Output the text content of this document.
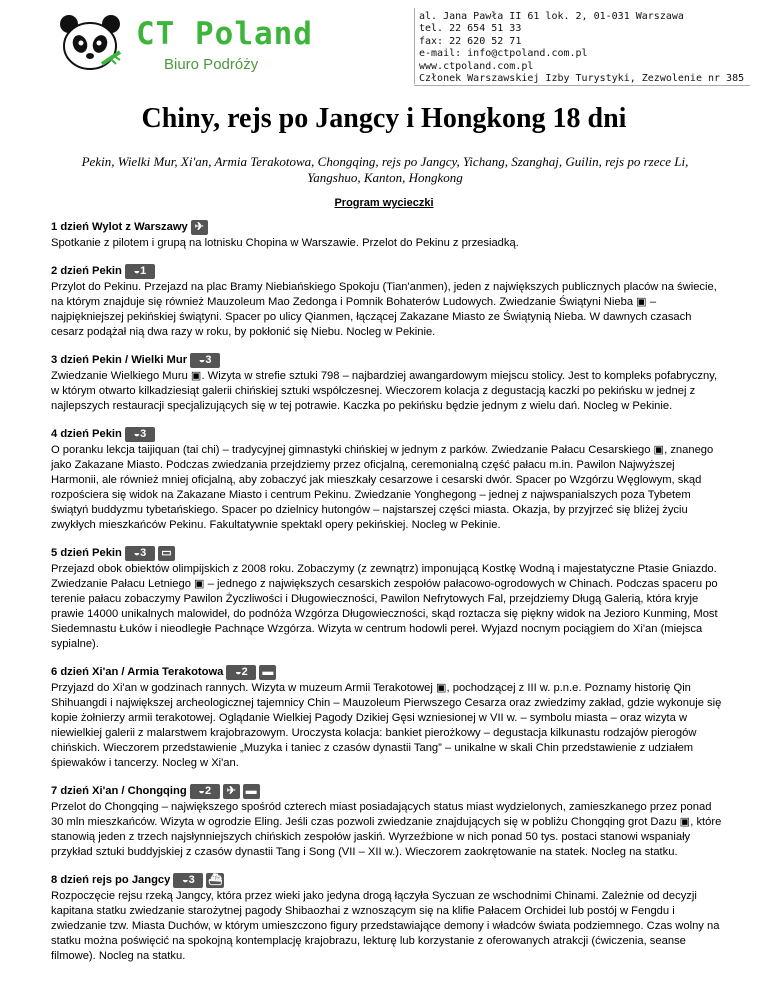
CT Poland
Biuro Podróży
al. Jana Pawła II 61 lok. 2, 01-031 Warszawa
tel. 22 654 51 33
fax: 22 620 52 71
e-mail: info@ctpoland.com.pl
www.ctpoland.com.pl
Członek Warszawskiej Izby Turystyki, Zezwolenie nr 385
Chiny, rejs po Jangcy i Hongkong 18 dni
Pekin, Wielki Mur, Xi'an, Armia Terakotowa, Chongqing, rejs po Jangcy, Yichang, Szanghaj, Guilin, rejs po rzece Li, Yangshuo, Kanton, Hongkong
Program wycieczki
1 dzień Wylot z Warszawy ✈
Spotkanie z pilotem i grupą na lotnisku Chopina w Warszawie. Przelot do Pekinu z przesiadką.
2 dzień Pekin ◒ 1
Przylot do Pekinu. Przejazd na plac Bramy Niebiańskiego Spokoju (Tian'anmen), jeden z największych publicznych placów na świecie, na którym znajduje się również Mauzoleum Mao Zedonga i Pomnik Bohaterów Ludowych. Zwiedzanie Świątyni Nieba ▣ – najpiękniejszej pekińskiej świątyni. Spacer po ulicy Qianmen, łączącej Zakazane Miasto ze Świątynią Nieba. W dawnych czasach cesarz podążał nią dwa razy w roku, by pokłonić się Niebu. Nocleg w Pekinie.
3 dzień Pekin / Wielki Mur ◒ 3
Zwiedzanie Wielkiego Muru ▣. Wizyta w strefie sztuki 798 – najbardziej awangardowym miejscu stolicy. Jest to kompleks pofabryczny, w którym otwarto kilkadziesiąt galerii chińskiej sztuki współczesnej. Wieczorem kolacja z degustacją kaczki po pekińsku w jednej z najlepszych restauracji specjalizujących się w tej potrawie. Kaczka po pekińsku będzie jednym z wielu dań. Nocleg w Pekinie.
4 dzień Pekin ◒ 3
O poranku lekcja taijiquan (tai chi) – tradycyjnej gimnastyki chińskiej w jednym z parków. Zwiedzanie Pałacu Cesarskiego ▣, znanego jako Zakazane Miasto. Podczas zwiedzania przejdziemy przez oficjalną, ceremonialną część pałacu m.in. Pawilon Najwyższej Harmonii, ale również mniej oficjalną, aby zobaczyć jak mieszkały cesarzowe i cesarski dwór. Spacer po Wzgórzu Węglowym, skąd rozpościera się widok na Zakazane Miasto i centrum Pekinu. Zwiedzanie Yonghegong – jednej z najwspanialszych poza Tybetem świątyń buddyzmu tybetańskiego. Spacer po dzielnicy hutongów – najstarszej części miasta. Okazja, by przyjrzeć się bliżej życiu zwykłych mieszkańców Pekinu. Fakultatywnie spektakl opery pekińskiej. Nocleg w Pekinie.
5 dzień Pekin ◒ 3 ▭
Przejazd obok obiektów olimpijskich z 2008 roku. Zobaczymy (z zewnątrz) imponującą Kostkę Wodną i majestatyczne Ptasie Gniazdo. Zwiedzanie Pałacu Letniego ▣ – jednego z największych cesarskich zespołów pałacowo-ogrodowych w Chinach. Podczas spaceru po terenie pałacu zobaczymy Pawilon Życzliwości i Długowieczności, Pawilon Nefrytowych Fal, przejdziemy Długą Galerią, która kryje prawie 14000 unikalnych malowideł, do podnóża Wzgórza Długowieczności, skąd roztacza się piękny widok na Jezioro Kunming, Most Siedemnastu Łuków i nieodległe Pachnące Wzgórza. Wizyta w centrum hodowli pereł. Wyjazd nocnym pociągiem do Xi'an (miejsca sypialne).
6 dzień Xi'an / Armia Terakotowa ◒ 2 ▬
Przyjazd do Xi'an w godzinach rannych. Wizyta w muzeum Armii Terakotowej ▣, pochodzącej z III w. p.n.e. Poznamy historię Qin Shihuangdi i największej archeologicznej tajemnicy Chin – Mauzoleum Pierwszego Cesarza oraz zwiedzimy zakład, gdzie wykonuje się kopie żołnierzy armii terakotowej. Oglądanie Wielkiej Pagody Dzikiej Gęsi wzniesionej w VII w. – symbolu miasta – oraz wizyta w niewielkiej galerii z malarstwem krajobrazowym. Uroczysta kolacja: bankiet pierożkowy – degustacja kilkunastu rodzajów pierogów chińskich. Wieczorem przedstawienie „Muzyka i taniec z czasów dynastii Tang” – unikalne w skali Chin przedstawienie z udziałem śpiewaków i tancerzy. Nocleg w Xi'an.
7 dzień Xi'an / Chongqing ◒ 2	✈ ▬
Przelot do Chongqing – największego spośród czterech miast posiadających status miast wydzielonych, zamieszkanego przez ponad 30 mln mieszkańców. Wizyta w ogrodzie Eling. Jeśli czas pozwoli zwiedzanie znajdujących się w pobliżu Chongqing grot Dazu ▣, które stanowią jeden z trzech najsłynniejszych chińskich zespołów jaskiń. Wyrzeźbione w nich ponad 50 tys. postaci stanowi wspaniały przykład sztuki buddyjskiej z czasów dynastii Tang i Song (VII – XII w.). Wieczorem zaokrętowanie na statek. Nocleg na statku.
8 dzień rejs po Jangcy ◒ 3 ⛴
Rozpoczęcie rejsu rzeką Jangcy, która przez wieki jako jedyna drogą łączyła Syczuan ze wschodnimi Chinami. Zależnie od decyzji kapitana statku zwiedzanie starożytnej pagody Shibaozhai z wznoszącym się na klifie Pałacem Orchidei lub postój w Fengdu i zwiedzanie tzw. Miasta Duchów, w którym umieszczono figury przedstawiające demony i władców świata podziemnego. Czas wolny na statku można poświęcić na spokojną kontemplację krajobrazu, lekturę lub korzystanie z oferowanych atrakcji (ćwiczenia, seanse filmowe). Nocleg na statku.
